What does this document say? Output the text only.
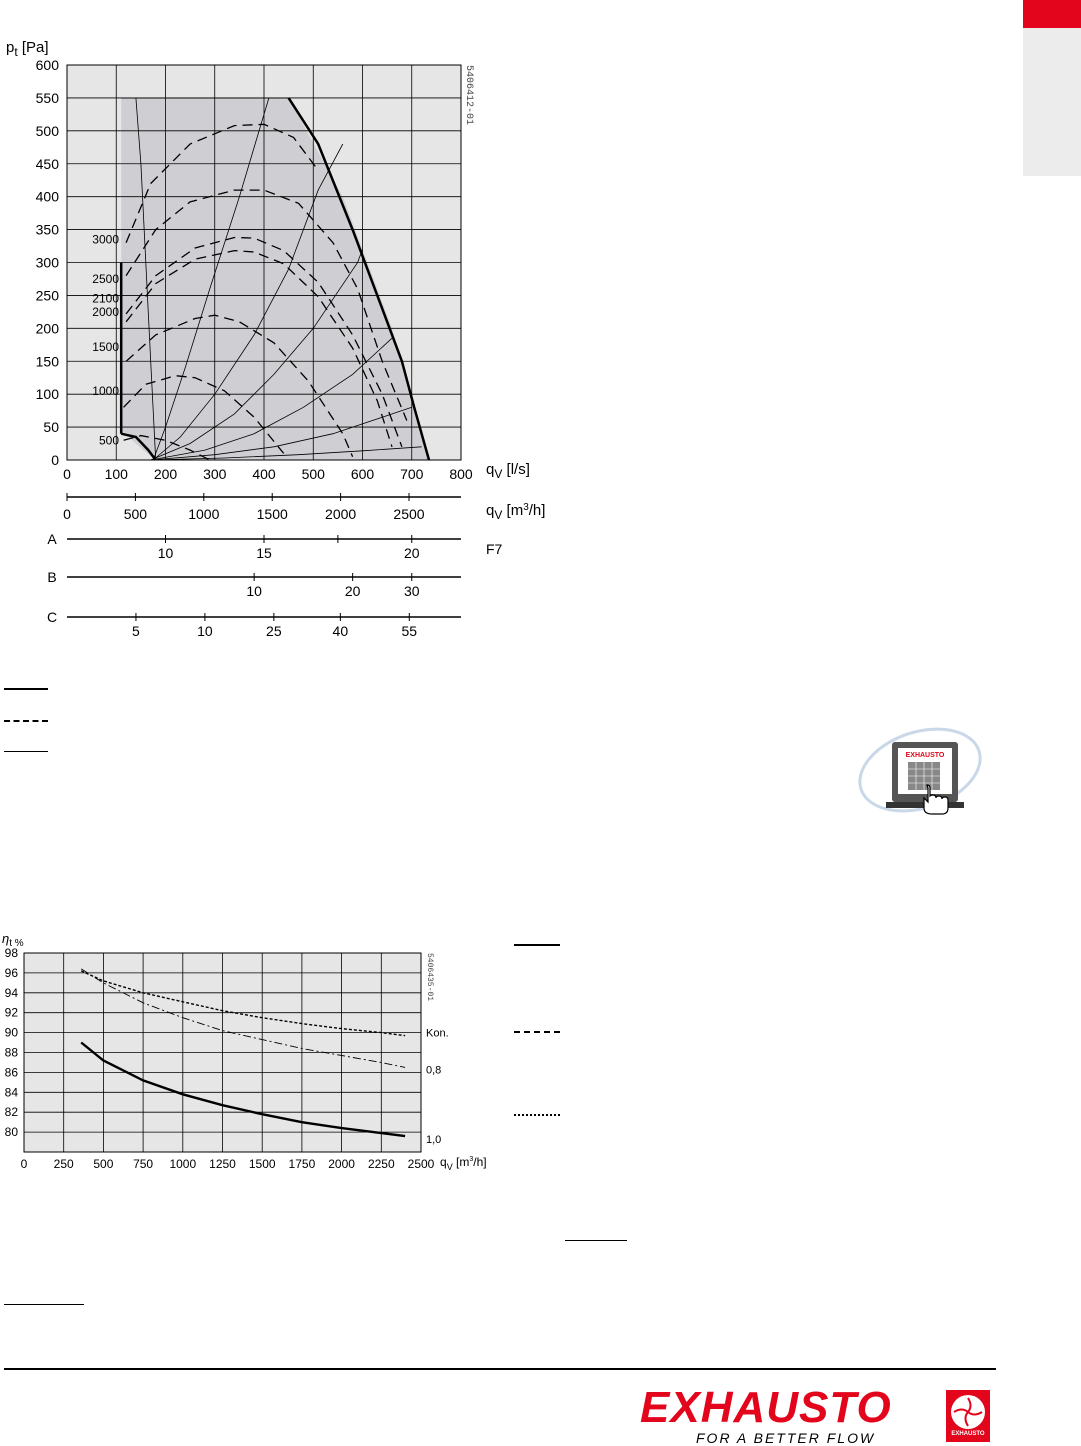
0 100 200 300 400 500 600 700 800
0
50
100
150
200
250
300
350
400
450
500
550
600
3000
2500
2100
2000
1500
1000
500
$p_t$ [Pa]
$q_V$ [l/s]
5406412-01
0	500	1000	1500	2000	2500	$q_V$ $[m^3/h]$
A
10	15	20	F7
B
10	20	30
C
5	10	25	40	55
0 250 500 750 1000 1250 1500 1750 2000 2250 2500
80
82
84
86
88
90
92
94
96
98
Kon.
0,8
1,0
$\eta_{t \%}$
$q_V$ $[m^3/h]$
5406435-01
EXHAUSTO
EXHAUSTO
FOR A BETTER FLOW	EXHAUSTO
